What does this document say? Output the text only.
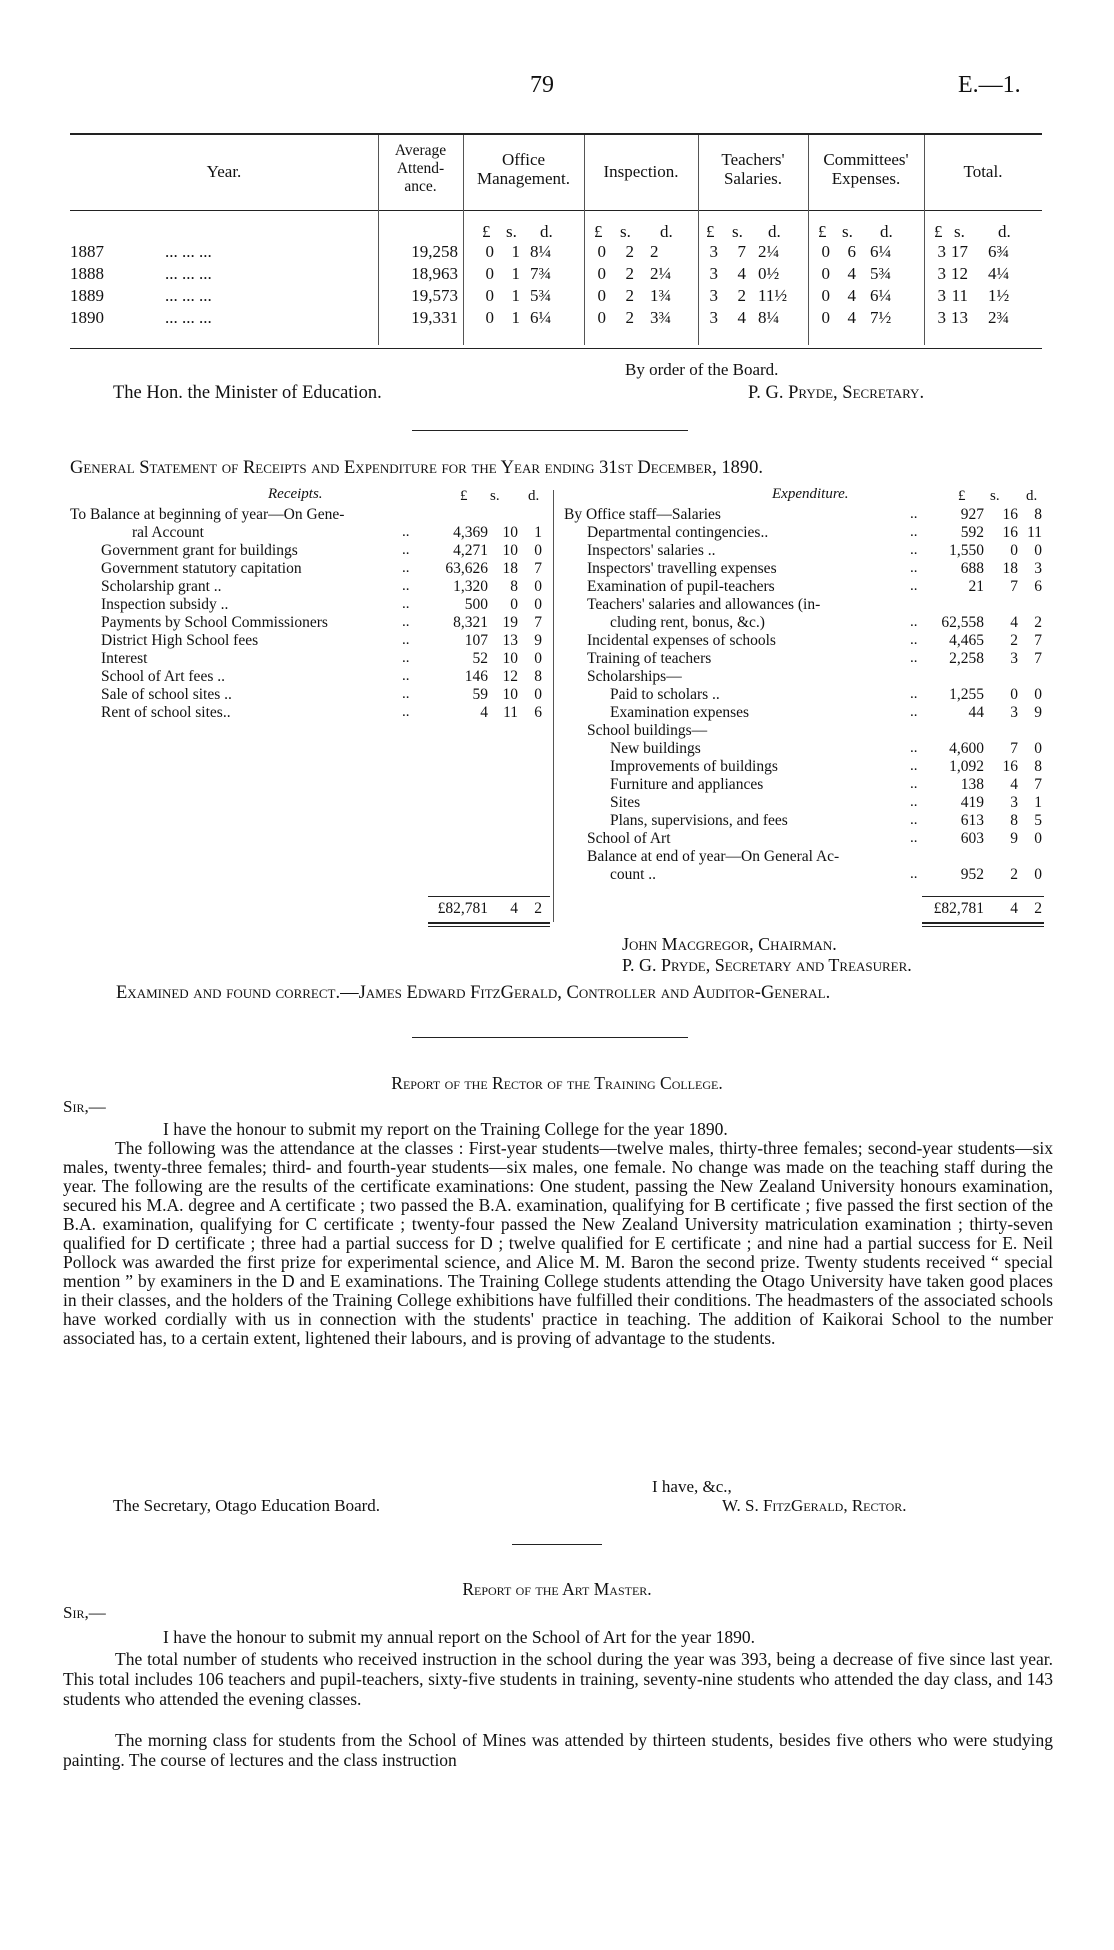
79	E.—1.
Year.
Average
Attend-
ance.
Office
Management.	Inspection.
Teachers'
Salaries.
Committees'
Expenses.	Total.
£ s. d. £ s. d. £ s. d. £ s. d. £ s. d.
1887	... ... ...	19,258	0	1 8¼	0	2 2	3	7 2¼	0	6 6¼	3 17 6¾
1888	... ... ...	18,963	0	1 7¾	0	2 2¼	3	4 0½	0	4 5¾	3 12 4¼
1889	... ... ...	19,573	0	1 5¾	0	2 1¾	3	2 11½	0	4 6¼	3 11 1½
1890	... ... ...	19,331	0	1 6¼	0	2 3¾	3	4 8¼	0	4 7½	3 13 2¾
By order of the Board.
The Hon. the Minister of Education.	P. G. Pryde, Secretary.
General Statement of Receipts and Expenditure for the Year ending 31st December, 1890.
Receipts.	Expenditure.
£ s. d.
To Balance at beginning of year—On Gene-
ral Account	..	4,369 10	1
Government grant for buildings	..	4,271 10	0
Government statutory capitation	..	63,626 18	7
Scholarship grant ..	..	1,320	8	0
Inspection subsidy ..	..	500	0	0
Payments by School Commissioners	..	8,321 19	7
District High School fees	..	107 13	9
Interest	..	52 10	0
School of Art fees ..	..	146 12	8
Sale of school sites ..	..	59 10	0
Rent of school sites..	..	4 11	6
£82,781	4	2
£ s. d.
By Office staff—Salaries	..	927	16	8
Departmental contingencies..	..	592	16 11
Inspectors' salaries ..	..	1,550	0	0
Inspectors' travelling expenses	..	688	18	3
Examination of pupil-teachers	..	21	7	6
Teachers' salaries and allowances (in-
cluding rent, bonus, &c.)	..	62,558	4	2
Incidental expenses of schools	..	4,465	2	7
Training of teachers	..	2,258	3	7
Scholarships—
Paid to scholars ..	..	1,255	0	0
Examination expenses	..	44	3	9
School buildings—
New buildings	..	4,600	7	0
Improvements of buildings	..	1,092	16	8
Furniture and appliances	..	138	4	7
Sites	..	419	3	1
Plans, supervisions, and fees	..	613	8	5
School of Art	..	603	9	0
Balance at end of year—On General Ac-
count ..	..	952	2	0
£82,781	4	2
John Macgregor, Chairman.
P. G. Pryde, Secretary and Treasurer.
Examined and found correct.—James Edward FitzGerald, Controller and Auditor-General.
Report of the Rector of the Training College.
Sir,—
I have the honour to submit my report on the Training College for the year 1890.
The following was the attendance at the classes : First-year students—twelve males, thirty-three females; second-year students—six males, twenty-three females; third- and fourth-year students—six males, one female. No change was made on the teaching staff during the year. The following are the results of the certificate examinations: One student, passing the New Zealand University honours examination, secured his M.A. degree and A certificate ; two passed the B.A. examination, qualifying for B certificate ; five passed the first section of the B.A. examination, qualifying for C certificate ; twenty-four passed the New Zealand University matriculation examination ; thirty-seven qualified for D certificate ; three had a partial success for D ; twelve qualified for E certificate ; and nine had a partial success for E. Neil Pollock was awarded the first prize for experimental science, and Alice M. M. Baron the second prize. Twenty students received “ special mention ” by examiners in the D and E examinations. The Training College students attending the Otago University have taken good places in their classes, and the holders of the Training College exhibitions have fulfilled their conditions. The headmasters of the associated schools have worked cordially with us in connection with the students' practice in teaching. The addition of Kaikorai School to the number associated has, to a certain extent, lightened their labours, and is proving of advantage to the students.
I have, &c.,
The Secretary, Otago Education Board.	W. S. FitzGerald, Rector.
Report of the Art Master.
Sir,—
I have the honour to submit my annual report on the School of Art for the year 1890.
The total number of students who received instruction in the school during the year was 393, being a decrease of five since last year. This total includes 106 teachers and pupil-teachers, sixty-five students in training, seventy-nine students who attended the day class, and 143 students who attended the evening classes.
The morning class for students from the School of Mines was attended by thirteen students, besides five others who were studying painting. The course of lectures and the class instruction
